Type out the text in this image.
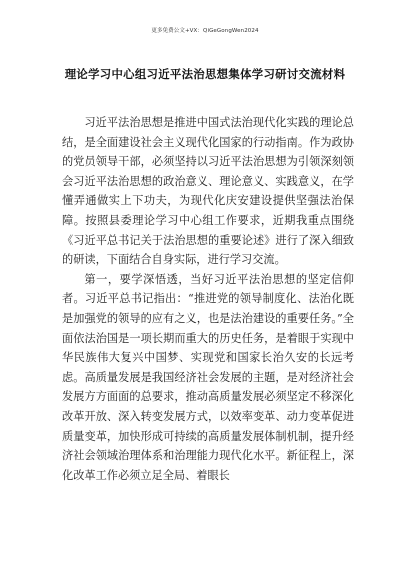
更多免费公文+VX：QiGeGongWen2024
理论学习中心组习近平法治思想集体学习研讨交流材料

习近平法治思想是推进中国式法治现代化实践的理论总结，是全面建设社会主义现代化国家的行动指南。作为政协的党员领导干部，必须坚持以习近平法治思想为引领深刻领会习近平法治思想的政治意义、理论意义、实践意义，在学懂弄通做实上下功夫，为现代化庆安建设提供坚强法治保障。按照县委理论学习中心组工作要求，近期我重点围绕《习近平总书记关于法治思想的重要论述》进行了深入细致的研读，下面结合自身实际，进行学习交流。

第一，要学深悟透，当好习近平法治思想的坚定信仰者。习近平总书记指出：“推进党的领导制度化、法治化既是加强党的领导的应有之义，也是法治建设的重要任务。”全面依法治国是一项长期而重大的历史任务，是着眼于实现中华民族伟大复兴中国梦、实现党和国家长治久安的长远考虑。高质量发展是我国经济社会发展的主题，是对经济社会发展方方面面的总要求，推动高质量发展必须坚定不移深化改革开放、深入转变发展方式，以效率变革、动力变革促进质量变革，加快形成可持续的高质量发展体制机制，提升经济社会领域治理体系和治理能力现代化水平。新征程上，深化改革工作必须立足全局、着眼长
